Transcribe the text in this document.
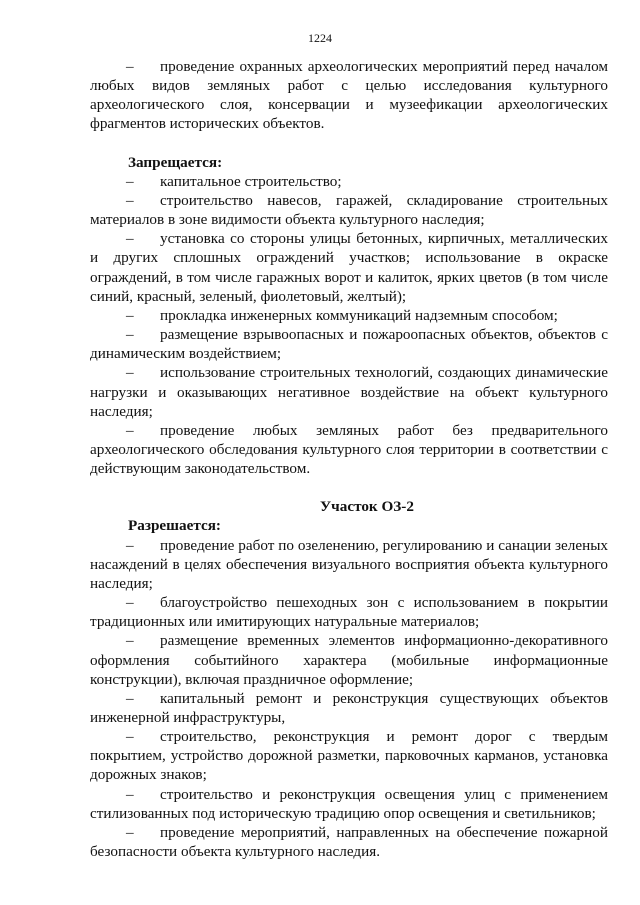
1224

– проведение охранных археологических мероприятий перед началом любых видов земляных работ с целью исследования культурного археологического слоя, консервации и музеефикации археологических фрагментов исторических объектов.

Запрещается:

– капитальное строительство;

– строительство навесов, гаражей, складирование строительных материалов в зоне видимости объекта культурного наследия;

– установка со стороны улицы бетонных, кирпичных, металлических и других сплошных ограждений участков; использование в окраске ограждений, в том числе гаражных ворот и калиток, ярких цветов (в том числе синий, красный, зеленый, фиолетовый, желтый);

– прокладка инженерных коммуникаций надземным способом;

– размещение взрывоопасных и пожароопасных объектов, объектов с динамическим воздействием;

– использование строительных технологий, создающих динамические нагрузки и оказывающих негативное воздействие на объект культурного наследия;

– проведение любых земляных работ без предварительного археологического обследования культурного слоя территории в соответствии с действующим законодательством.

Участок ОЗ-2

Разрешается:

– проведение работ по озеленению, регулированию и санации зеленых насаждений в целях обеспечения визуального восприятия объекта культурного наследия;

– благоустройство пешеходных зон с использованием в покрытии традиционных или имитирующих натуральные материалов;

– размещение временных элементов информационно-декоративного оформления событийного характера (мобильные информационные конструкции), включая праздничное оформление;

– капитальный ремонт и реконструкция существующих объектов инженерной инфраструктуры,

– строительство, реконструкция и ремонт дорог с твердым покрытием, устройство дорожной разметки, парковочных карманов, установка дорожных знаков;

– строительство и реконструкция освещения улиц с применением стилизованных под историческую традицию опор освещения и светильников;

– проведение мероприятий, направленных на обеспечение пожарной безопасности объекта культурного наследия.
